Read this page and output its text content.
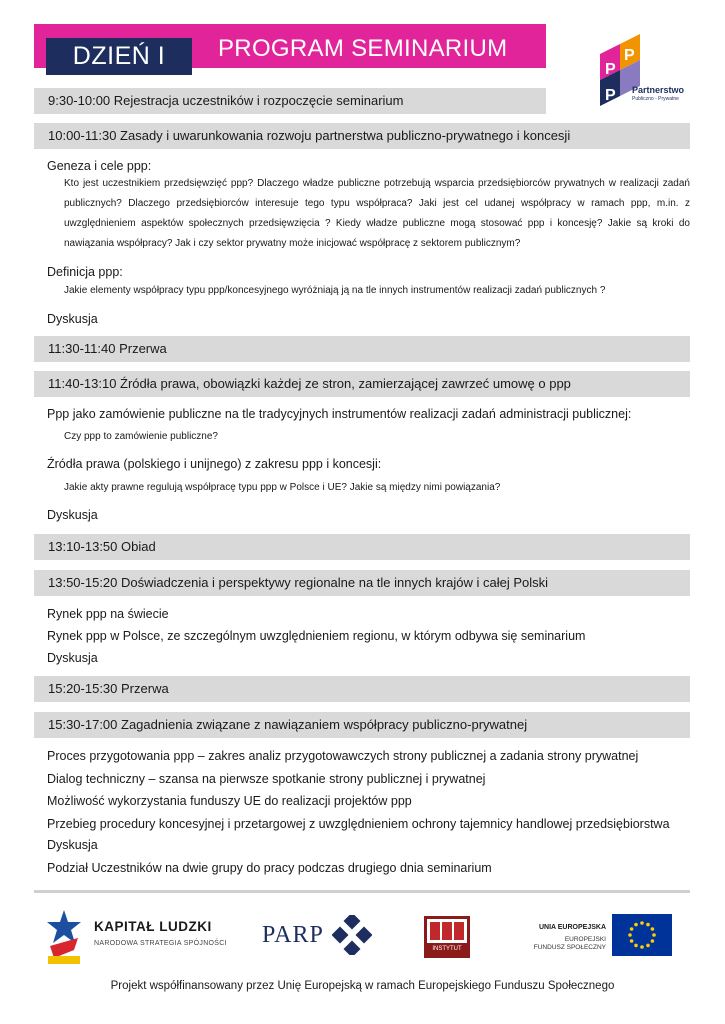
DZIEŃ I	PROGRAM SEMINARIUM
P
P
P Partnerstwo
Publiczno - Prywatne
9:30-10:00 Rejestracja uczestników i rozpoczęcie seminarium
10:00-11:30 Zasady i uwarunkowania rozwoju partnerstwa publiczno-prywatnego i koncesji
Geneza i cele ppp:
Kto jest uczestnikiem przedsięwzięć ppp? Dlaczego władze publiczne potrzebują wsparcia przedsiębiorców prywatnych w realizacji zadań publicznych? Dlaczego przedsiębiorców interesuje tego typu współpraca? Jaki jest cel udanej współpracy w ramach ppp, m.in. z uwzględnieniem aspektów społecznych przedsięwzięcia ? Kiedy władze publiczne mogą stosować ppp i koncesję? Jakie są kroki do nawiązania współpracy? Jak i czy sektor prywatny może inicjować współpracę z sektorem publicznym?
Definicja ppp:
Jakie elementy współpracy typu ppp/koncesyjnego wyróżniają ją na tle innych instrumentów realizacji zadań publicznych ?
Dyskusja
11:30-11:40 Przerwa
11:40-13:10 Źródła prawa, obowiązki każdej ze stron, zamierzającej zawrzeć umowę o ppp
Ppp jako zamówienie publiczne na tle tradycyjnych instrumentów realizacji zadań administracji publicznej:
Czy ppp to zamówienie publiczne?
Źródła prawa (polskiego i unijnego) z zakresu ppp i koncesji:
Jakie akty prawne regulują współpracę typu ppp w Polsce i UE? Jakie są między nimi powiązania?
Dyskusja
13:10-13:50 Obiad
13:50-15:20 Doświadczenia i perspektywy regionalne na tle innych krajów i całej Polski
Rynek ppp na świecie
Rynek ppp w Polsce, ze szczególnym uwzględnieniem regionu, w którym odbywa się seminarium
Dyskusja
15:20-15:30 Przerwa
15:30-17:00 Zagadnienia związane z nawiązaniem współpracy publiczno-prywatnej
Proces przygotowania ppp – zakres analiz przygotowawczych strony publicznej a zadania strony prywatnej
Dialog techniczny – szansa na pierwsze spotkanie strony publicznej i prywatnej
Możliwość wykorzystania funduszy UE do realizacji projektów ppp
Przebieg procedury koncesyjnej i przetargowej z uwzględnieniem ochrony tajemnicy handlowej przedsiębiorstwa
Dyskusja
Podział Uczestników na dwie grupy do pracy podczas drugiego dnia seminarium
KAPITAŁ LUDZKI
NARODOWA STRATEGIA SPÓJNOŚCI PARP
INSTYTUT
UNIA EUROPEJSKA
EUROPEJSKI
FUNDUSZ SPOŁECZNY
Projekt współfinansowany przez Unię Europejską w ramach Europejskiego Funduszu Społecznego
